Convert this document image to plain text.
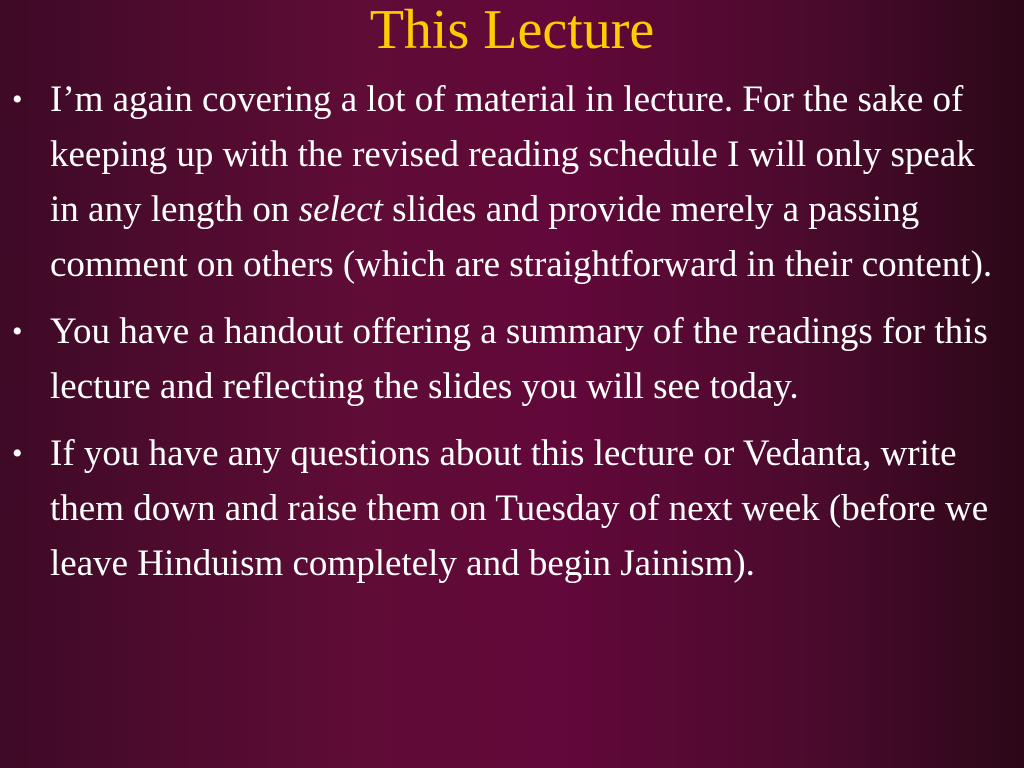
This Lecture
• I’m again covering a lot of material in lecture. For the sake of keeping up with the revised reading schedule I will only speak in any length on select slides and provide merely a passing comment on others (which are straightforward in their content).
• You have a handout offering a summary of the readings for this lecture and reflecting the slides you will see today.
• If you have any questions about this lecture or Vedanta, write them down and raise them on Tuesday of next week (before we leave Hinduism completely and begin Jainism).
